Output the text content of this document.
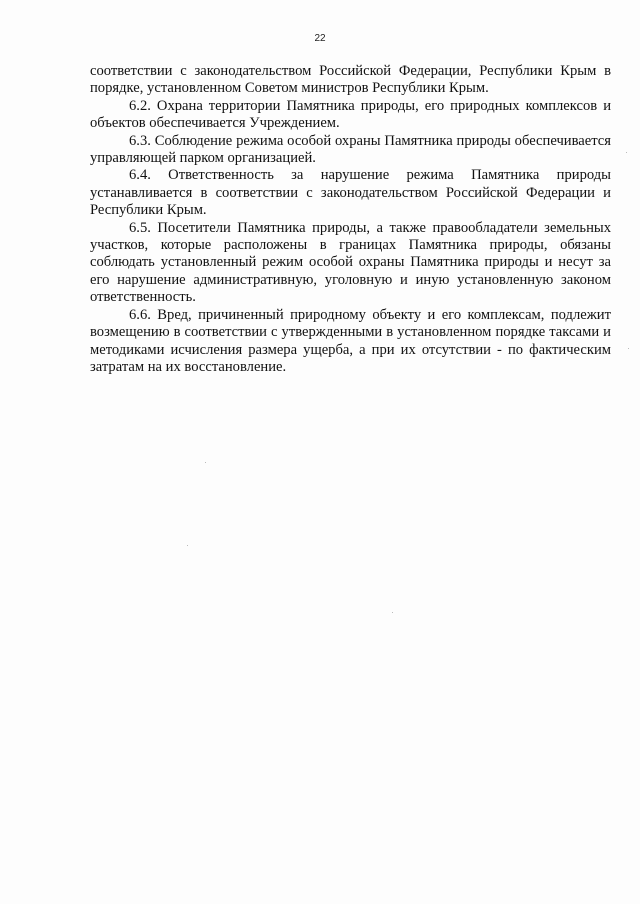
22

соответствии с законодательством Российской Федерации, Республики Крым в порядке, установленном Советом министров Республики Крым.

6.2. Охрана территории Памятника природы, его природных комплексов и объектов обеспечивается Учреждением.

6.3. Соблюдение режима особой охраны Памятника природы обеспечивается управляющей парком организацией.

6.4. Ответственность за нарушение режима Памятника природы устанавливается в соответствии с законодательством Российской Федерации и Республики Крым.

6.5. Посетители Памятника природы, а также правообладатели земельных участков, которые расположены в границах Памятника природы, обязаны соблюдать установленный режим особой охраны Памятника природы и несут за его нарушение административную, уголовную и иную установленную законом ответственность.

6.6. Вред, причиненный природному объекту и его комплексам, подлежит возмещению в соответствии с утвержденными в установленном порядке таксами и методиками исчисления размера ущерба, а при их отсутствии - по фактическим затратам на их восстановление.
